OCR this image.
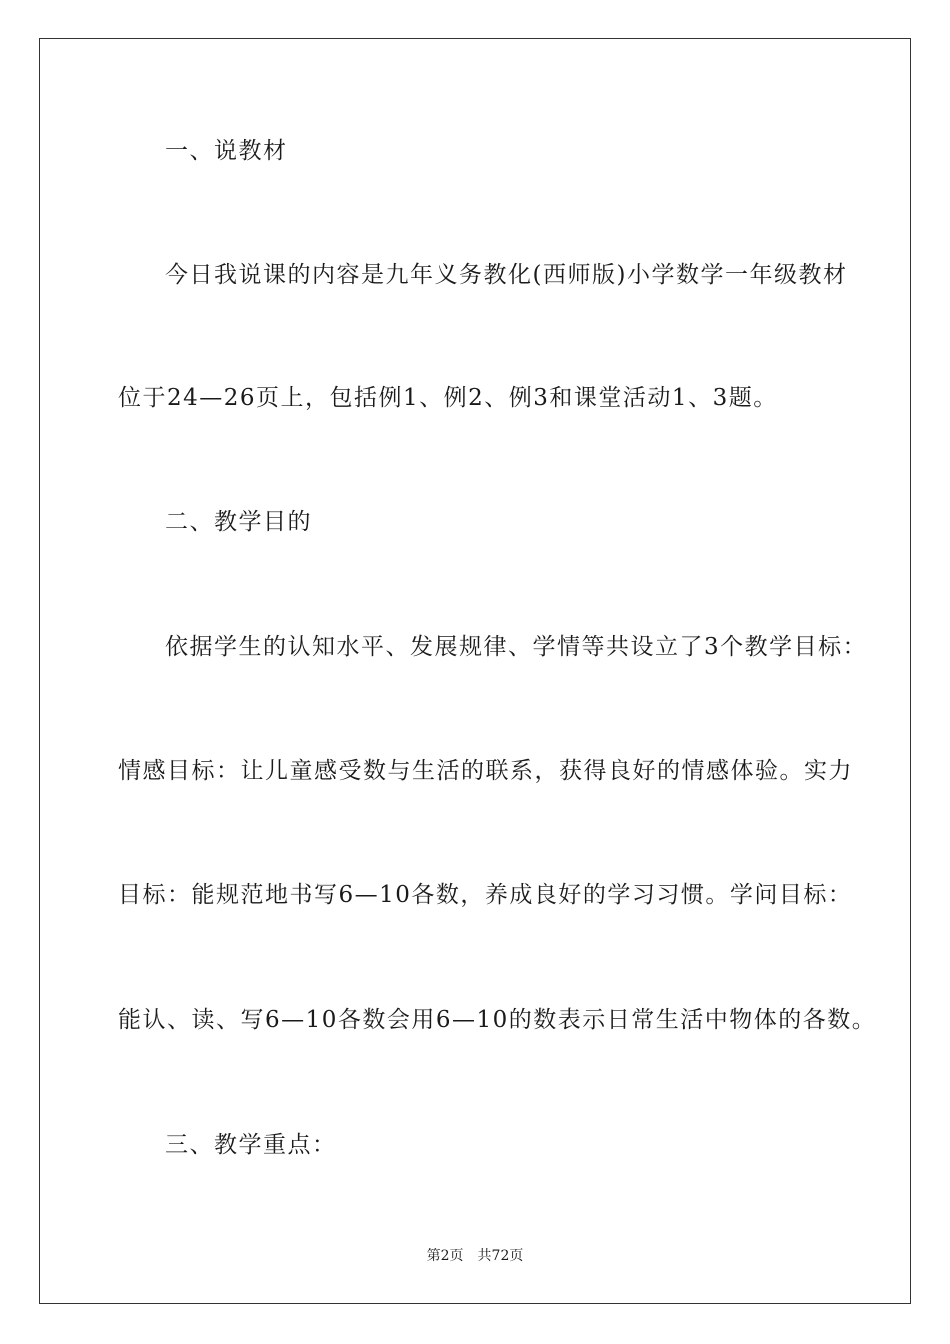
一、说教材
今日我说课的内容是九年义务教化(西师版)小学数学一年级教材
位于24—26页上，包括例1、例2、例3和课堂活动1、3题。
二、教学目的
依据学生的认知水平、发展规律、学情等共设立了3个教学目标：
情感目标：让儿童感受数与生活的联系，获得良好的情感体验。实力
目标：能规范地书写6—10各数，养成良好的学习习惯。学问目标：
能认、读、写6—10各数会用6—10的数表示日常生活中物体的各数。
三、教学重点：
第2页 共72页
